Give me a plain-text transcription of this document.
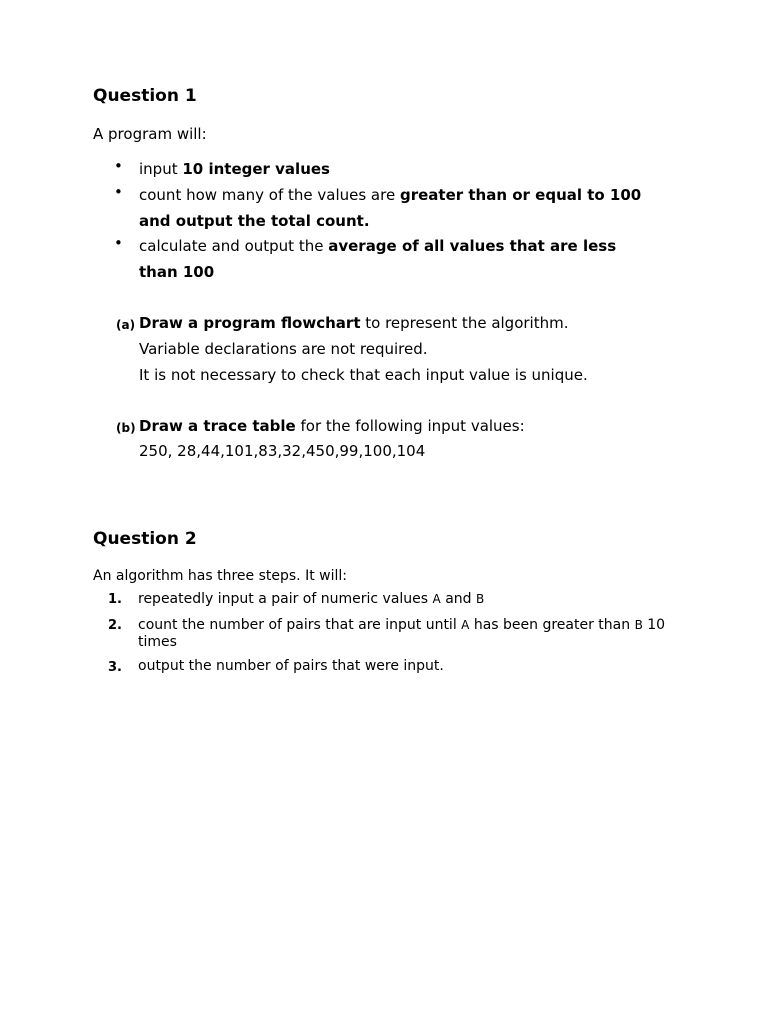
Question 1
A program will:
• input 10 integer values
• count how many of the values are greater than or equal to 100 and output the total count.
• calculate and output the average of all values that are less than 100
(a) Draw a program flowchart to represent the algorithm.
Variable declarations are not required.
It is not necessary to check that each input value is unique.
(b) Draw a trace table for the following input values:
250, 28,44,101,83,32,450,99,100,104
Question 2
An algorithm has three steps. It will:
1. repeatedly input a pair of numeric values A and B
2. count the number of pairs that are input until A has been greater than B 10 times
3. output the number of pairs that were input.
